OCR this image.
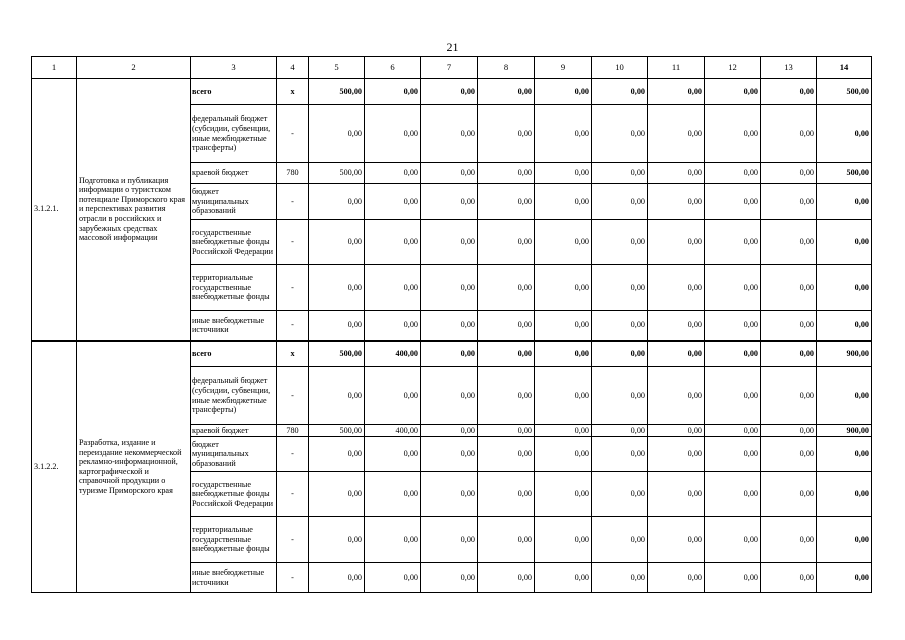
21
1	2	3	4	5	6	7	8	9	10	11	12	13	14
3.1.2.1.	Подготовка и публикация информации о туристском потенциале Приморского края и перспективах развития отрасли в российских и зарубежных средствах массовой информации	всего	х	500,00	0,00	0,00	0,00	0,00	0,00	0,00	0,00	0,00	500,00
		федеральный бюджет (субсидии, субвенции, иные межбюджетные трансферты)	-	0,00	0,00	0,00	0,00	0,00	0,00	0,00	0,00	0,00	0,00
		краевой бюджет	780	500,00	0,00	0,00	0,00	0,00	0,00	0,00	0,00	0,00	500,00
		бюджет муниципальных образований	-	0,00	0,00	0,00	0,00	0,00	0,00	0,00	0,00	0,00	0,00
		государственные внебюджетные фонды Российской Федерации	-	0,00	0,00	0,00	0,00	0,00	0,00	0,00	0,00	0,00	0,00
		территориальные государственные внебюджетные фонды	-	0,00	0,00	0,00	0,00	0,00	0,00	0,00	0,00	0,00	0,00
		иные внебюджетные источники	-	0,00	0,00	0,00	0,00	0,00	0,00	0,00	0,00	0,00	0,00
3.1.2.2.	Разработка, издание и переиздание некоммерческой рекламно-информационной, картографической и справочной продукции о туризме Приморского края	всего	х	500,00	400,00	0,00	0,00	0,00	0,00	0,00	0,00	0,00	900,00
		федеральный бюджет (субсидии, субвенции, иные межбюджетные трансферты)	-	0,00	0,00	0,00	0,00	0,00	0,00	0,00	0,00	0,00	0,00
		краевой бюджет	780	500,00	400,00	0,00	0,00	0,00	0,00	0,00	0,00	0,00	900,00
		бюджет муниципальных образований	-	0,00	0,00	0,00	0,00	0,00	0,00	0,00	0,00	0,00	0,00
		государственные внебюджетные фонды Российской Федерации	-	0,00	0,00	0,00	0,00	0,00	0,00	0,00	0,00	0,00	0,00
		территориальные государственные внебюджетные фонды	-	0,00	0,00	0,00	0,00	0,00	0,00	0,00	0,00	0,00	0,00
		иные внебюджетные источники	-	0,00	0,00	0,00	0,00	0,00	0,00	0,00	0,00	0,00	0,00
